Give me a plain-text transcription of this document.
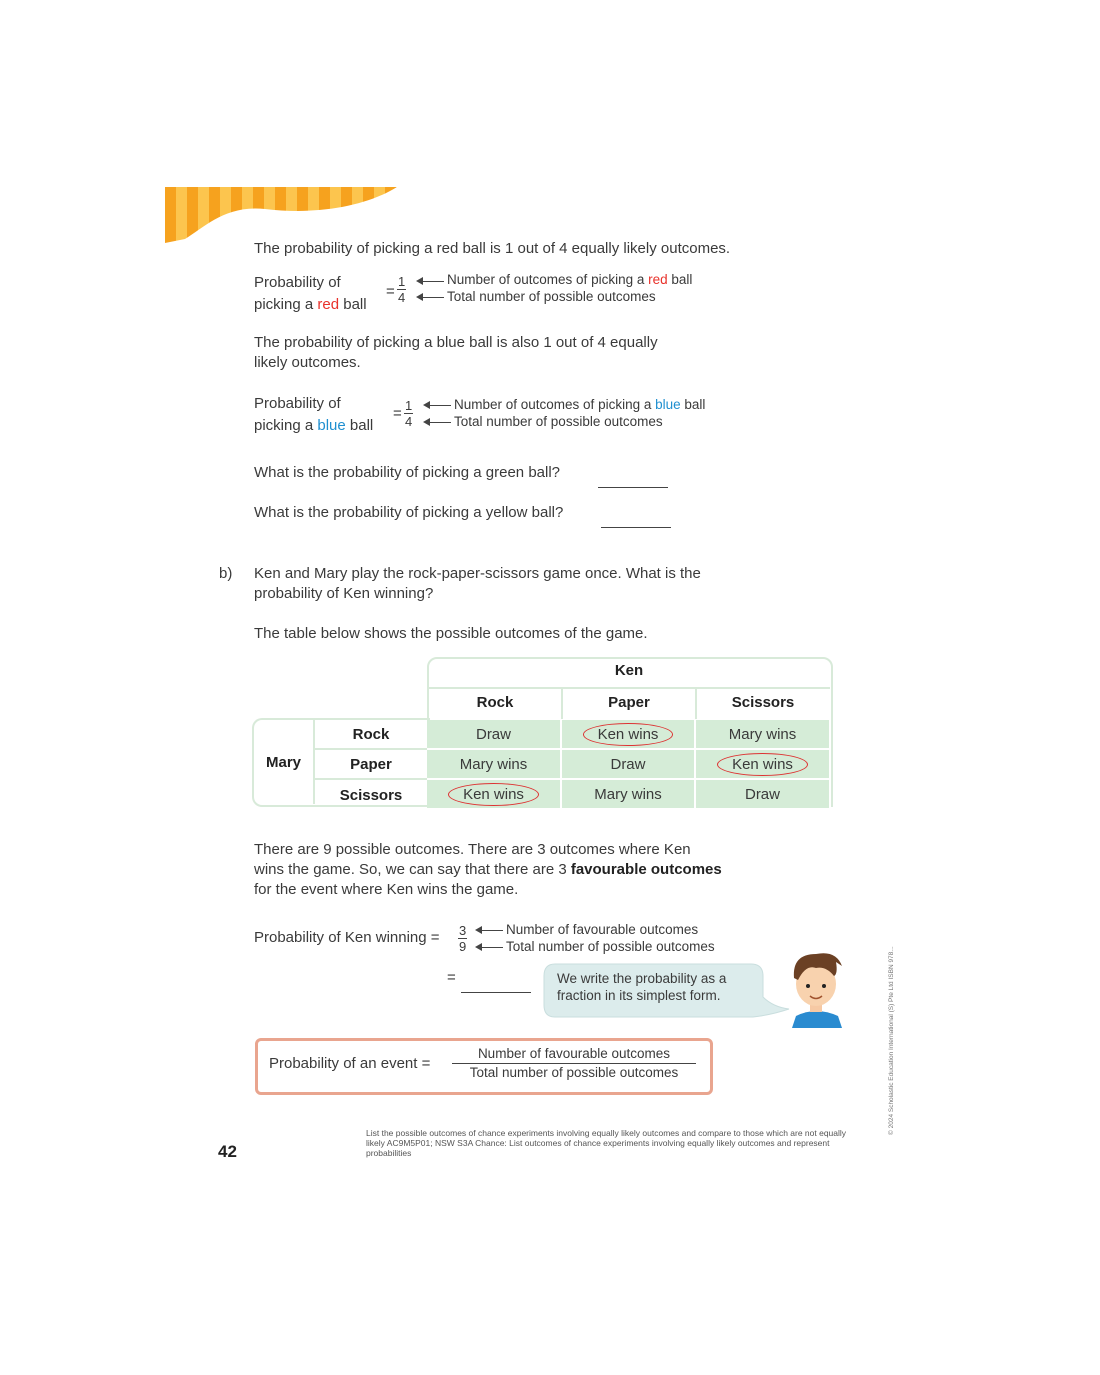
The probability of picking a red ball is 1 out of 4 equally likely outcomes.
Probability of
picking a red ball
= $\frac{1}{4}$	Number of outcomes of picking a red ball
Total number of possible outcomes
The probability of picking a blue ball is also 1 out of 4 equally
likely outcomes.
Probability of
picking a blue ball
= $\frac{1}{4}$	Number of outcomes of picking a blue ball
Total number of possible outcomes
What is the probability of picking a green ball?
What is the probability of picking a yellow ball?
b) Ken and Mary play the rock-paper-scissors game once. What is the
probability of Ken winning?
The table below shows the possible outcomes of the game.
Ken
Rock	Paper	Scissors
Mary
Rock	Draw	Ken wins	Mary wins
Paper	Mary wins	Draw	Ken wins
Scissors	Ken wins	Mary wins	Draw
There are 9 possible outcomes. There are 3 outcomes where Ken
wins the game. So, we can say that there are 3 favourable outcomes
for the event where Ken wins the game.
Probability of Ken winning = $\frac{3}{9}$	Number of favourable outcomes
Total number of possible outcomes
=	We write the probability as a fraction in its simplest form.
Probability of an event =
Number of favourable outcomes
Total number of possible outcomes
42
List the possible outcomes of chance experiments involving equally likely outcomes and compare to those which are not equally likely AC9M5P01; NSW S3A Chance: List outcomes of chance experiments involving equally likely outcomes and represent probabilities
© 2024 Scholastic Education International (S) Pte Ltd ISBN 978...
